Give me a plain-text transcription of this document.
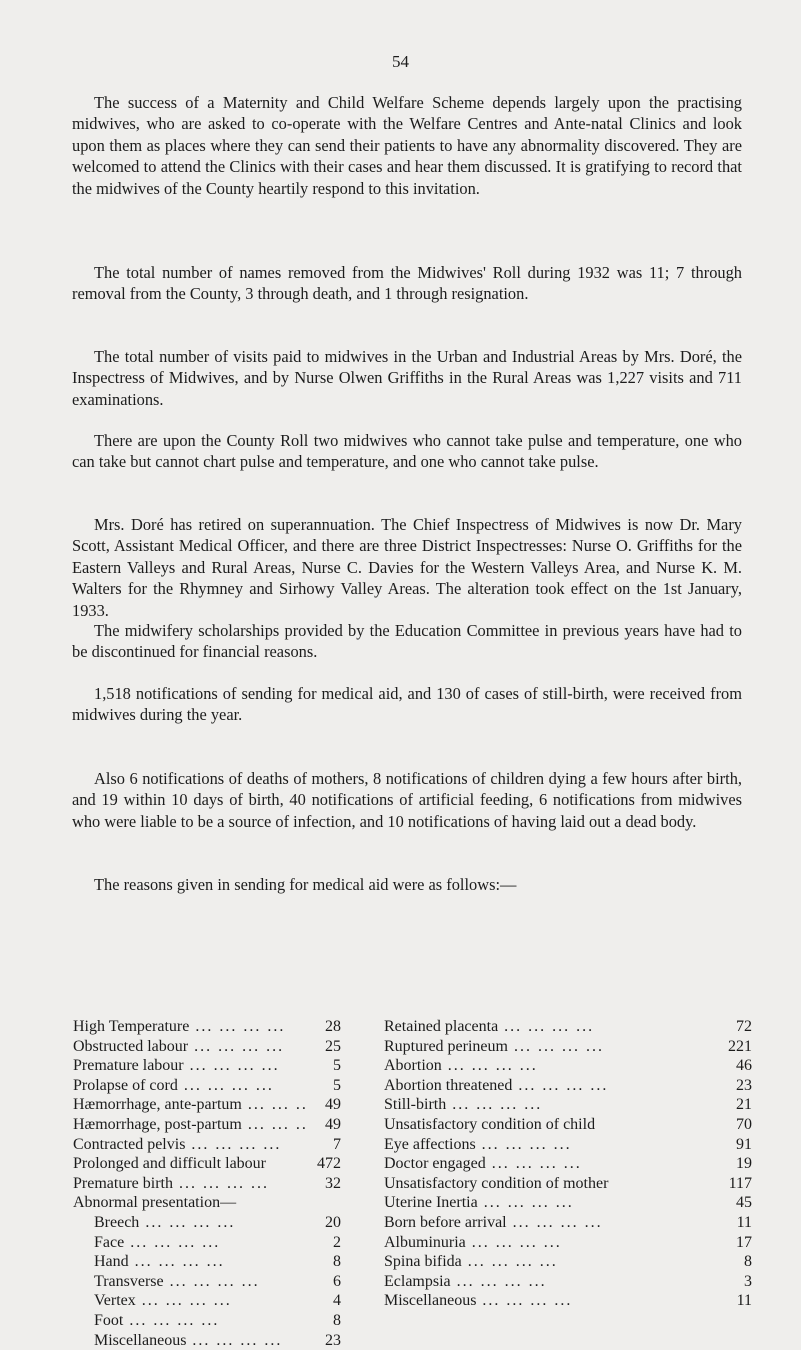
54

The success of a Maternity and Child Welfare Scheme depends largely upon the practising midwives, who are asked to co-operate with the Welfare Centres and Ante-natal Clinics and look upon them as places where they can send their patients to have any abnormality discovered. They are welcomed to attend the Clinics with their cases and hear them discussed. It is gratifying to record that the midwives of the County heartily respond to this invitation.

The total number of names removed from the Midwives' Roll during 1932 was 11; 7 through removal from the County, 3 through death, and 1 through resignation.

The total number of visits paid to midwives in the Urban and Industrial Areas by Mrs. Doré, the Inspectress of Midwives, and by Nurse Olwen Griffiths in the Rural Areas was 1,227 visits and 711 examinations.

There are upon the County Roll two midwives who cannot take pulse and temperature, one who can take but cannot chart pulse and temperature, and one who cannot take pulse.

Mrs. Doré has retired on superannuation. The Chief Inspectress of Midwives is now Dr. Mary Scott, Assistant Medical Officer, and there are three District Inspectresses: Nurse O. Griffiths for the Eastern Valleys and Rural Areas, Nurse C. Davies for the Western Valleys Area, and Nurse K. M. Walters for the Rhymney and Sirhowy Valley Areas. The alteration took effect on the 1st January, 1933.

The midwifery scholarships provided by the Education Committee in previous years have had to be discontinued for financial reasons.

1,518 notifications of sending for medical aid, and 130 of cases of still-birth, were received from midwives during the year.

Also 6 notifications of deaths of mothers, 8 notifications of children dying a few hours after birth, and 19 within 10 days of birth, 40 notifications of artificial feeding, 6 notifications from midwives who were liable to be a source of infection, and 10 notifications of having laid out a dead body.

The reasons given in sending for medical aid were as follows:—

High Temperature ... .	28
Obstructed labour ... .	25
Premature labour ... .	5
Prolapse of cord ... .	5
Hæmorrhage, ante-partum ... .	49
Hæmorrhage, post-partum ... .	49
Contracted pelvis ... .	7
Prolonged and difficult labour	472
Premature birth ... .	32
Abnormal presentation—
Breech ... .	20
Face ... .	2
Hand ... .	8
Transverse ... .	6
Vertex ... .	4
Foot ... .	8
Miscellaneous ... .	23
Retained placenta ... .	72
Ruptured perineum ... .	221
Abortion ... .	46
Abortion threatened ... .	23
Still-birth ... .	21
Unsatisfactory condition of child	70
Eye affections ... .	91
Doctor engaged ... .	19
Unsatisfactory condition of mother	117
Uterine Inertia ... .	45
Born before arrival ... .	11
Albuminuria ... .	17
Spina bifida ... .	8
Eclampsia ... .	3
Miscellaneous ... .	11
